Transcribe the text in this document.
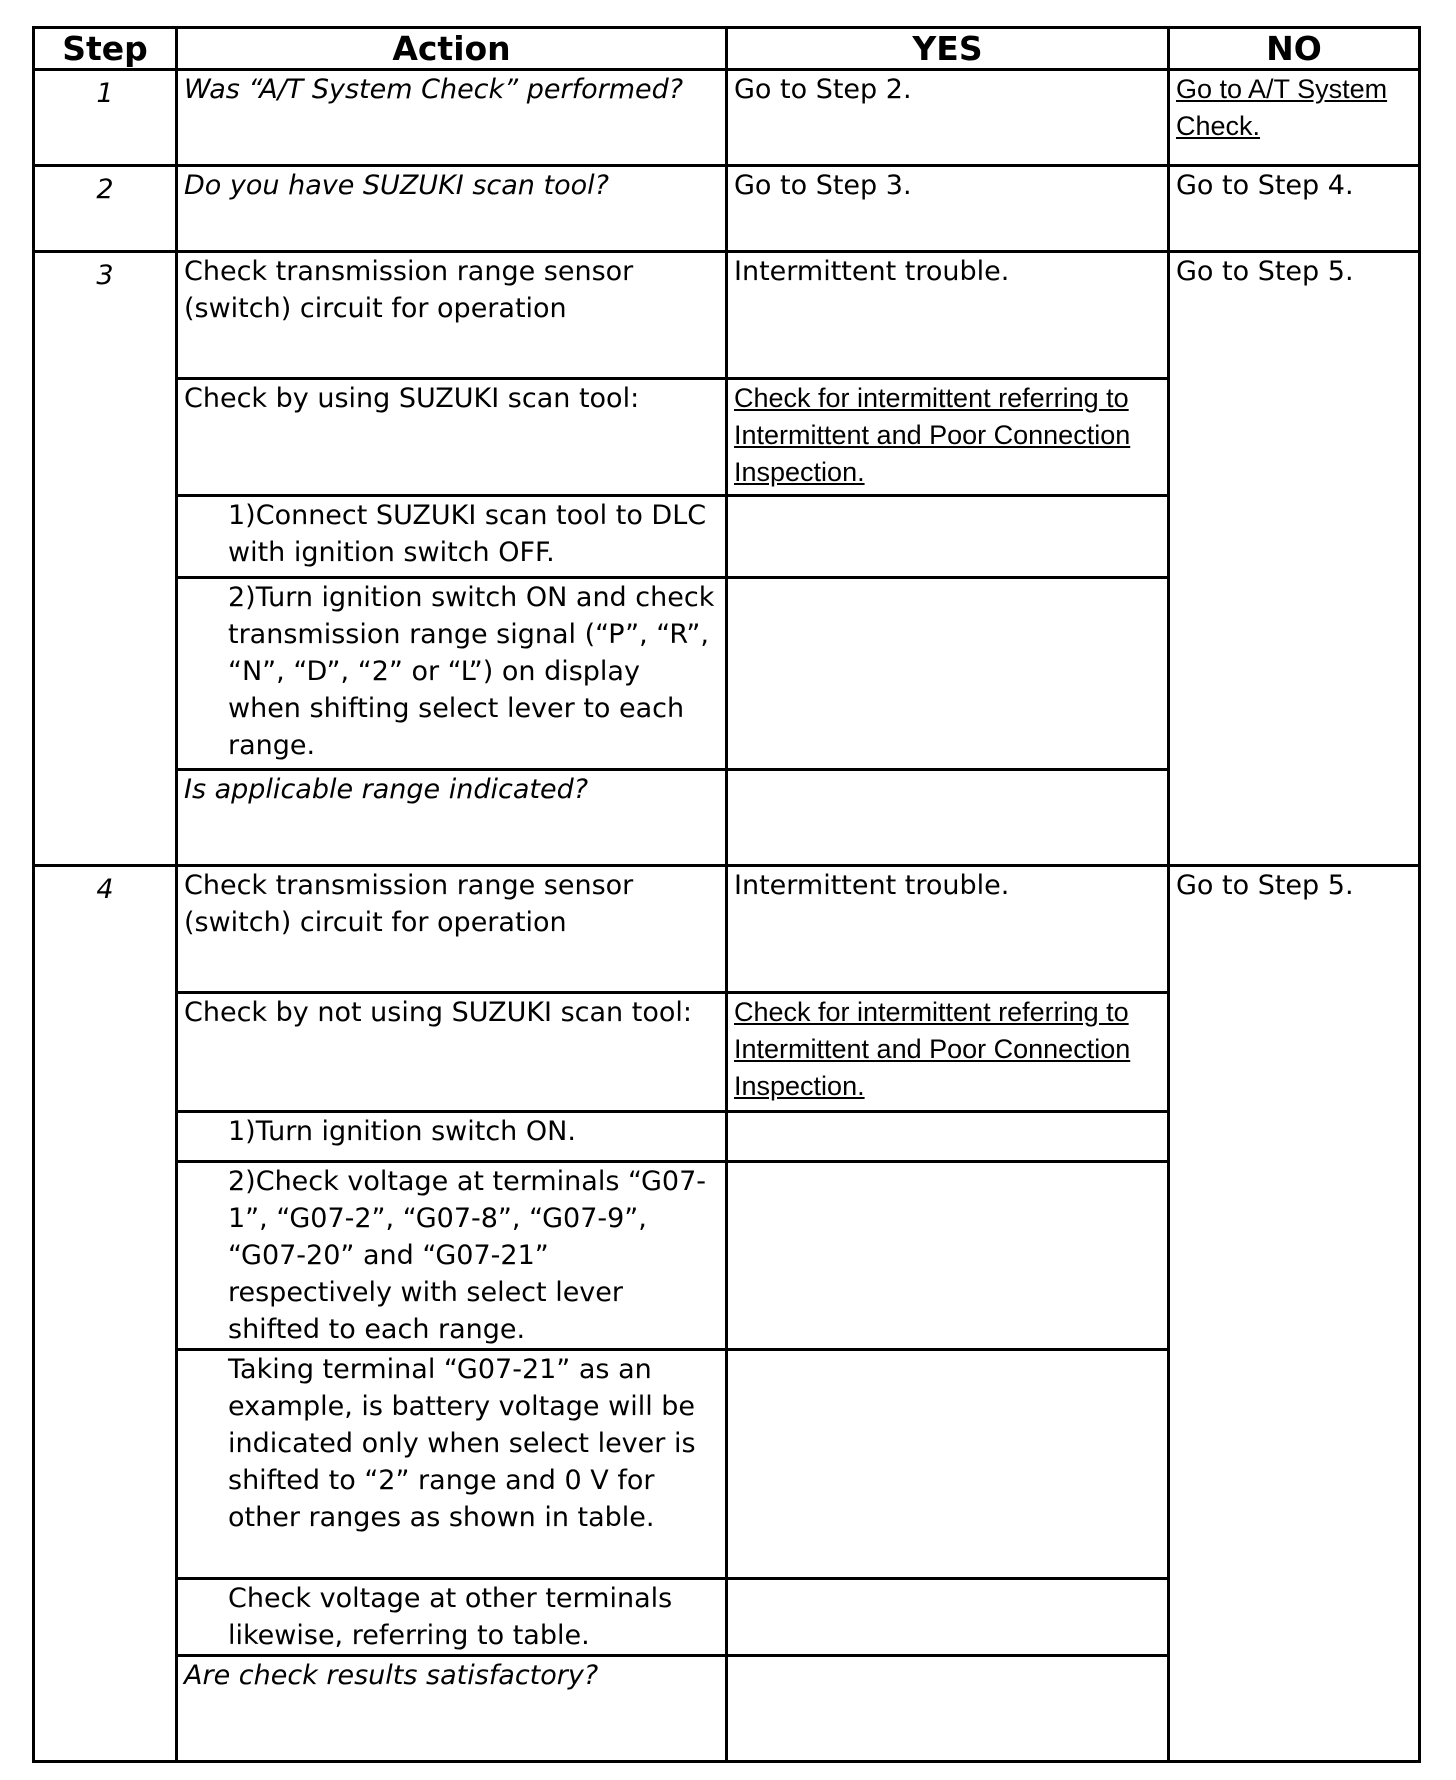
Step	Action	YES	NO
1	Was “A/T System Check” performed?	Go to Step 2.	Go to A/T System Check.
2	Do you have SUZUKI scan tool?	Go to Step 3.	Go to Step 4.
3	Check transmission range sensor (switch) circuit for operation	Intermittent trouble.	Go to Step 5.
	Check by using SUZUKI scan tool:	Check for intermittent referring to Intermittent and Poor Connection Inspection.	
	1)Connect SUZUKI scan tool to DLC with ignition switch OFF.		
	2)Turn ignition switch ON and check transmission range signal (“P”, “R”, “N”, “D”, “2” or “L”) on display when shifting select lever to each range.		
	Is applicable range indicated?		
4	Check transmission range sensor (switch) circuit for operation	Intermittent trouble.	Go to Step 5.
	Check by not using SUZUKI scan tool:	Check for intermittent referring to Intermittent and Poor Connection Inspection.	
	1)Turn ignition switch ON.		
	2)Check voltage at terminals “G07-1”, “G07-2”, “G07-8”, “G07-9”, “G07-20” and “G07-21” respectively with select lever shifted to each range.		
	Taking terminal “G07-21” as an example, is battery voltage will be indicated only when select lever is shifted to “2” range and 0 V for other ranges as shown in table.		
	Check voltage at other terminals likewise, referring to table.		
	Are check results satisfactory?		
